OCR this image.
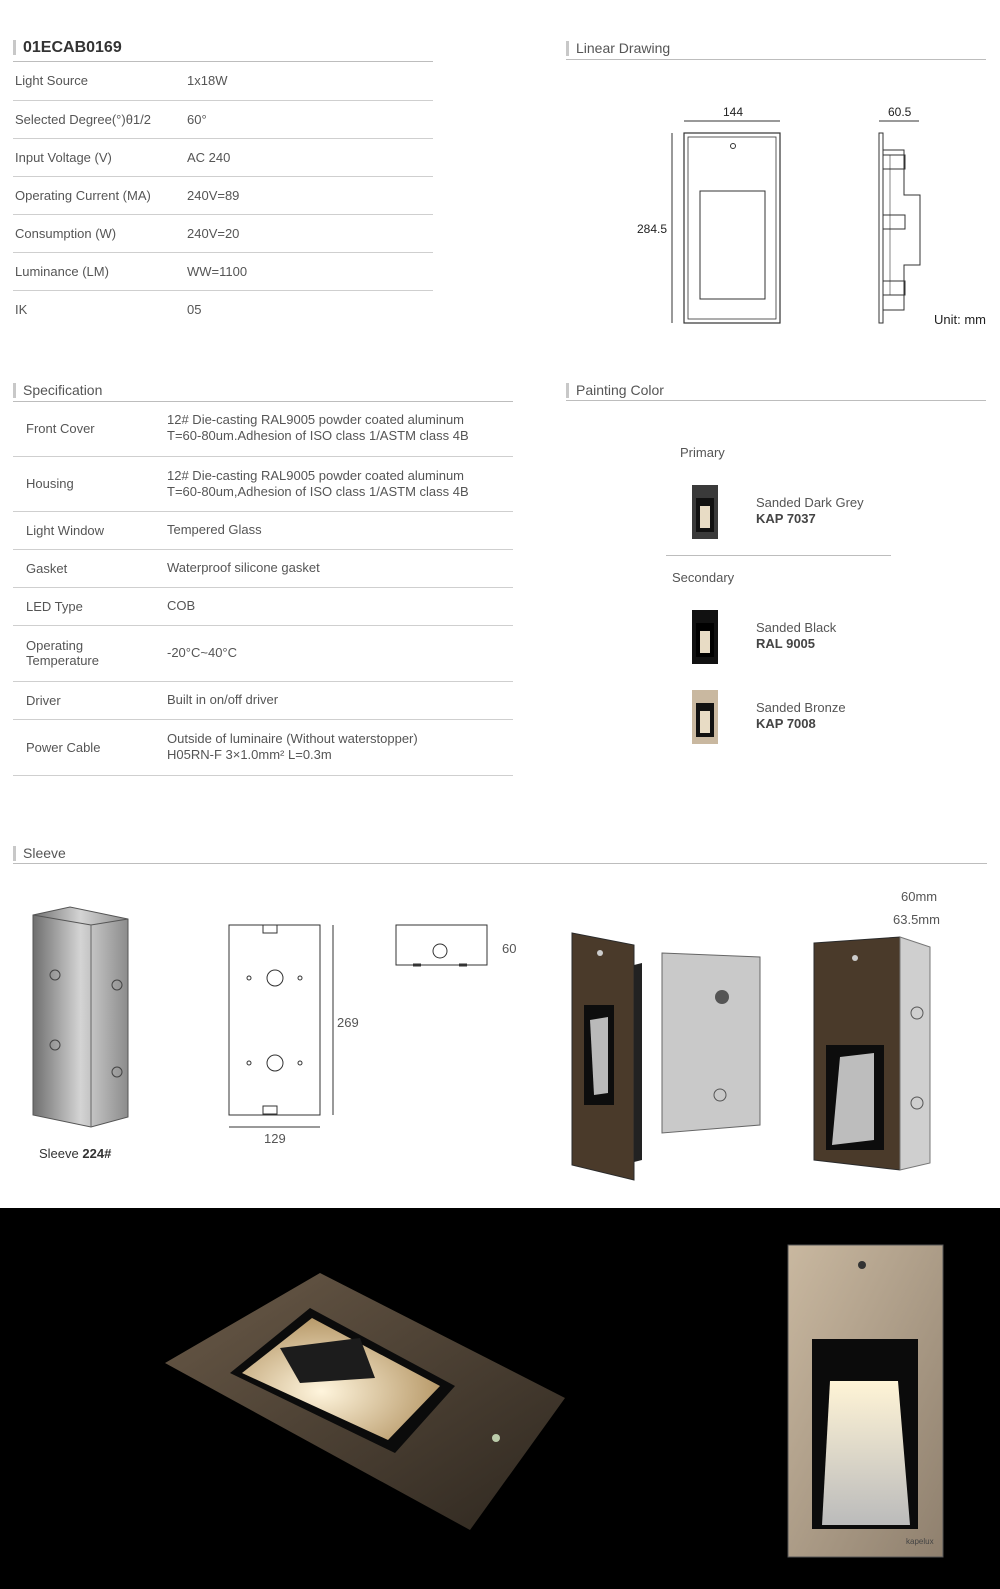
01ECAB0169
Light Source	1x18W
Selected Degree(°)θ1/2	60°
Input Voltage (V)	AC 240
Operating Current (MA)	240V=89
Consumption (W)	240V=20
Luminance (LM)	WW=1100
IK	05
Linear Drawing
144	60.5
284.5
Unit: mm
Specification
Front Cover	12# Die-casting RAL9005 powder coated aluminum
T=60-80um.Adhesion of ISO class 1/ASTM class 4B
Housing	12# Die-casting RAL9005 powder coated aluminum
T=60-80um,Adhesion of ISO class 1/ASTM class 4B
Light Window	Tempered Glass
Gasket	Waterproof silicone gasket
LED Type	COB
Operating
Temperature	-20°C~40°C
Driver	Built in on/off driver
Power Cable	Outside of luminaire (Without waterstopper)
H05RN-F 3×1.0mm² L=0.3m
Painting Color
Primary
Sanded Dark Grey
KAP 7037
Secondary
Sanded Black
RAL 9005
Sanded Bronze
KAP 7008
Sleeve
Sleeve 224#
269
129
60
60mm
63.5mm
kapelux
